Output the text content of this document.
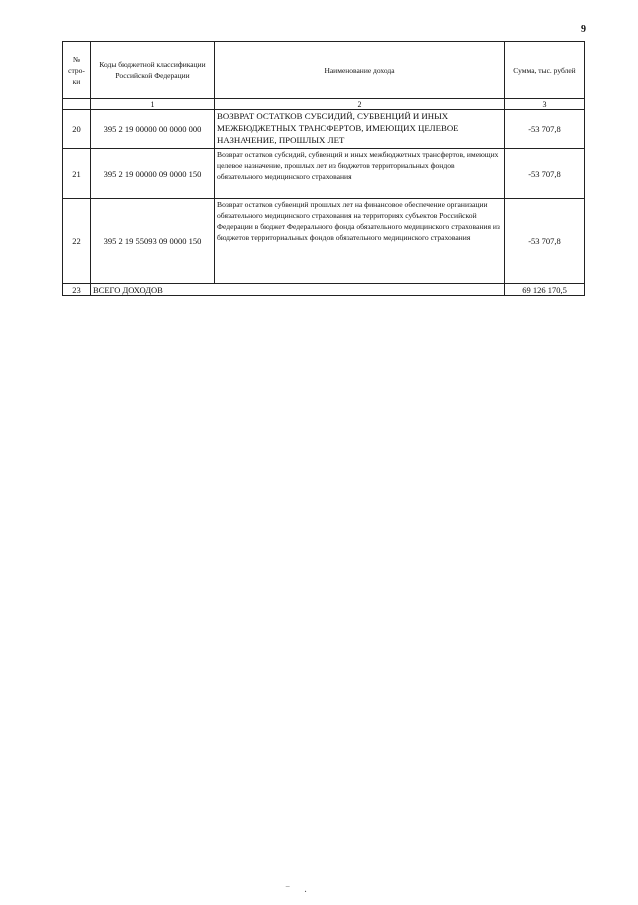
9
№ стро-ки	Коды бюджетной классификации Российской Федерации	Наименование дохода	Сумма, тыс. рублей
	1	2	3
20	395 2 19 00000 00 0000 000	ВОЗВРАТ ОСТАТКОВ СУБСИДИЙ, СУБВЕНЦИЙ И ИНЫХ МЕЖБЮДЖЕТНЫХ ТРАНСФЕРТОВ, ИМЕЮЩИХ ЦЕЛЕВОЕ НАЗНАЧЕНИЕ, ПРОШЛЫХ ЛЕТ	-53 707,8
21	395 2 19 00000 09 0000 150	Возврат остатков субсидий, субвенций и иных межбюджетных трансфертов, имеющих целевое назначение, прошлых лет из бюджетов территориальных фондов обязательного медицинского страхования	-53 707,8
22	395 2 19 55093 09 0000 150	Возврат остатков субвенций прошлых лет на финансовое обеспечение организации обязательного медицинского страхования на территориях субъектов Российской Федерации в бюджет Федерального фонда обязательного медицинского страхования из бюджетов территориальных фондов обязательного медицинского страхования	-53 707,8
23	ВСЕГО ДОХОДОВ		69 126 170,5
‾ ·
